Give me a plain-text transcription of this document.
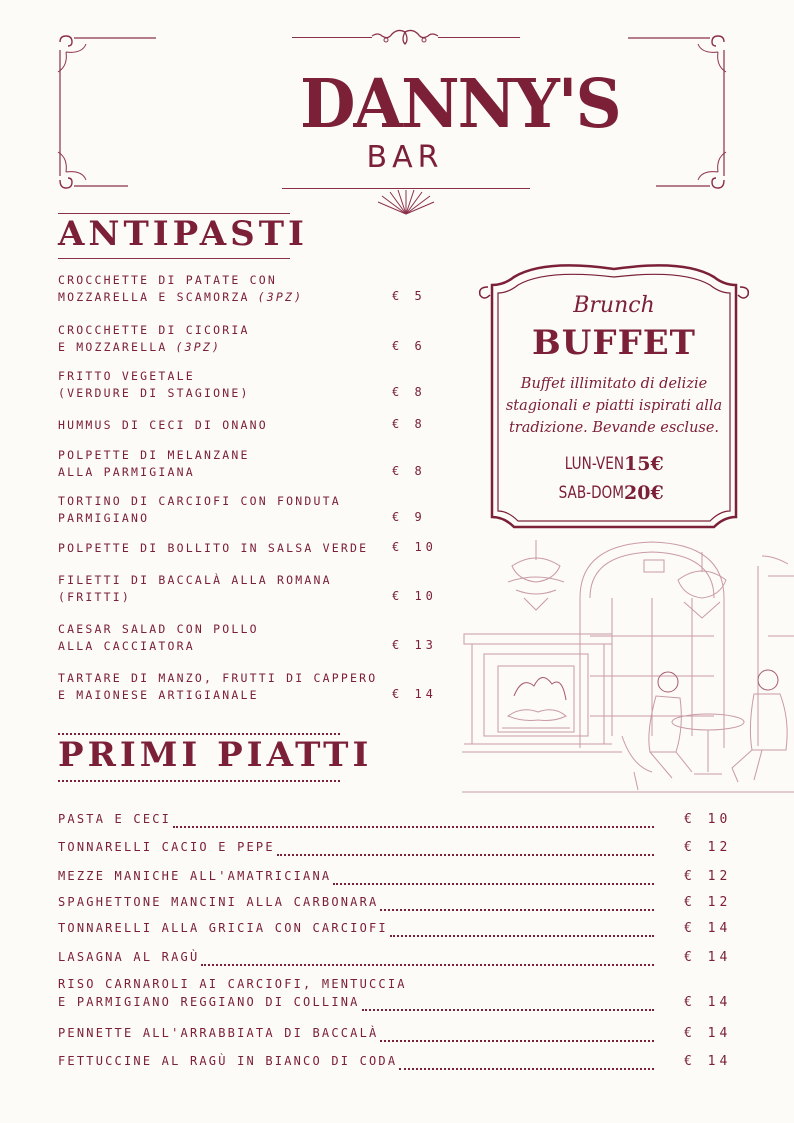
DANNY'S
BAR
ANTIPASTI
CROCCHETTE DI PATATE CON
MOZZARELLA E SCAMORZA (3PZ)	€ 5
CROCCHETTE DI CICORIA
E MOZZARELLA (3PZ)	€ 6
FRITTO VEGETALE
(VERDURE DI STAGIONE)	€ 8
HUMMUS DI CECI DI ONANO	€ 8
POLPETTE DI MELANZANE
ALLA PARMIGIANA	€ 8
TORTINO DI CARCIOFI CON FONDUTA
PARMIGIANO	€ 9
POLPETTE DI BOLLITO IN SALSA VERDE	€ 10
FILETTI DI BACCALÀ ALLA ROMANA
(FRITTI)	€ 10
CAESAR SALAD CON POLLO
ALLA CACCIATORA	€ 13
TARTARE DI MANZO, FRUTTI DI CAPPERO
E MAIONESE ARTIGIANALE	€ 14
Brunch
BUFFET
Buffet illimitato di delizie stagionali e piatti ispirati alla tradizione. Bevande escluse.
LUN-VEN 15€
SAB-DOM 20€
PRIMI PIATTI
PASTA E CECI	€ 10
TONNARELLI CACIO E PEPE	€ 12
MEZZE MANICHE ALL'AMATRICIANA	€ 12
SPAGHETTONE MANCINI ALLA CARBONARA	€ 12
TONNARELLI ALLA GRICIA CON CARCIOFI	€ 14
LASAGNA AL RAGÙ	€ 14
RISO CARNAROLI AI CARCIOFI, MENTUCCIA
E PARMIGIANO REGGIANO DI COLLINA	€ 14
PENNETTE ALL'ARRABBIATA DI BACCALÀ	€ 14
FETTUCCINE AL RAGÙ IN BIANCO DI CODA	€ 14
